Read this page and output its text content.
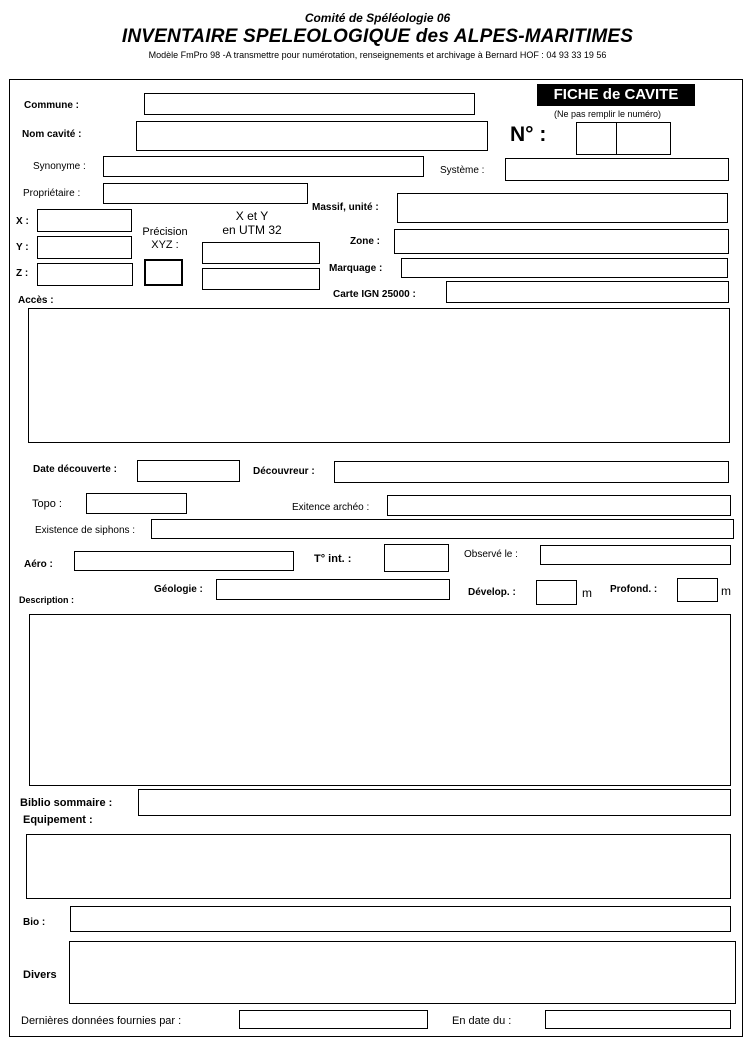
Comité de Spéléologie 06
INVENTAIRE SPELEOLOGIQUE des ALPES-MARITIMES
Modèle FmPro 98 -A transmettre pour numérotation, renseignements et archivage à Bernard HOF : 04 93 33 19 56
FICHE de CAVITE
(Ne pas remplir le numéro)
Commune :
Nom cavité :	N° :
Synonyme :	Système :
Propriétaire :
Massif, unité :
X :
Y :
Z :
Précision
XYZ :
X et Y
en UTM 32
Zone :
Marquage :
Carte IGN 25000 :
Accès :
Date découverte :	Découvreur :
Topo :	Exitence archéo :
Existence de siphons :
Aéro :	T° int. :	Observé le :
Géologie :	Dévelop. :	m Profond. :	m
Description :
Biblio sommaire :
Equipement :
Bio :
Divers
Dernières données fournies par :	En date du :
